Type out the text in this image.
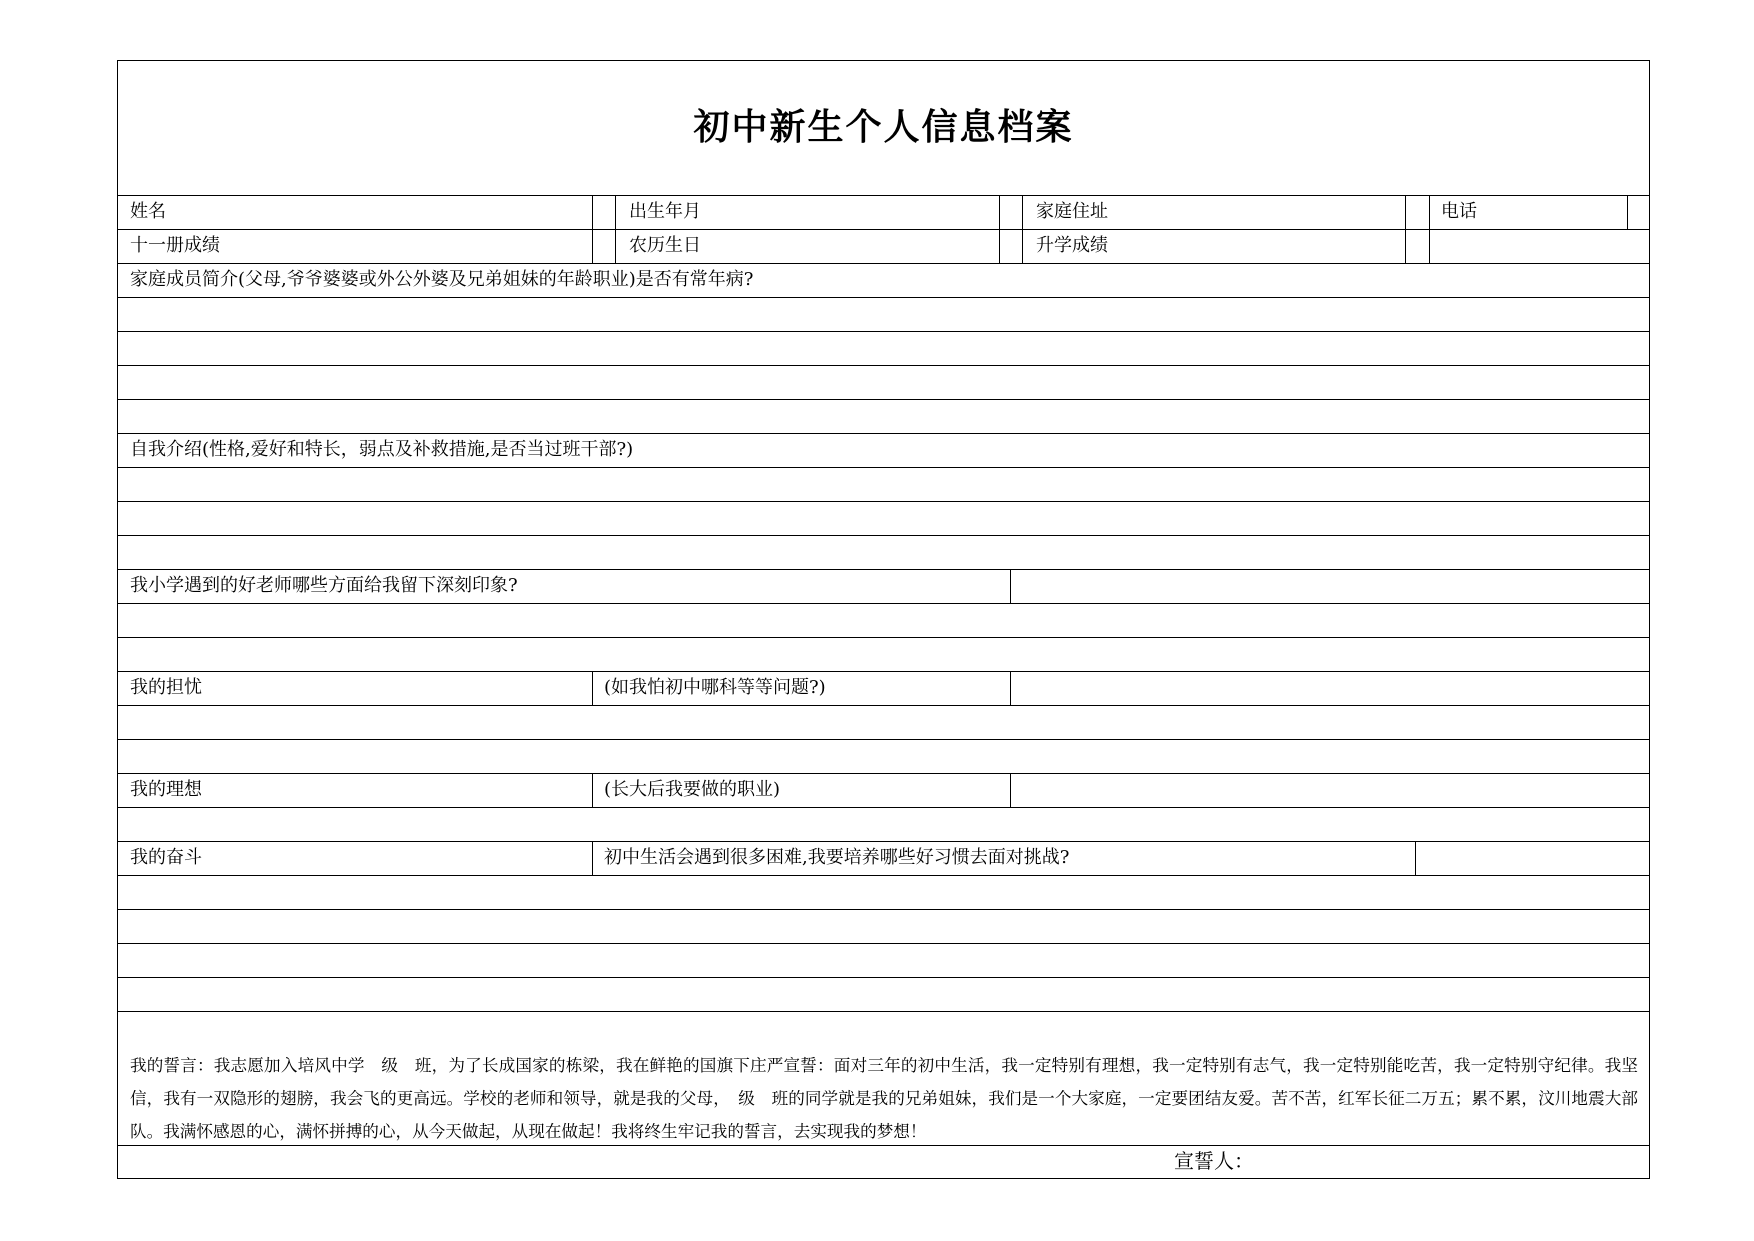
初中新生个人信息档案
姓名	出生年月	家庭住址	电话
十一册成绩	农历生日	升学成绩
家庭成员简介(父母,爷爷婆婆或外公外婆及兄弟姐妹的年龄职业)是否有常年病?
自我介绍(性格,爱好和特长，弱点及补救措施,是否当过班干部?)
我小学遇到的好老师哪些方面给我留下深刻印象?
我的担忧	(如我怕初中哪科等等问题?)
我的理想	(长大后我要做的职业)
我的奋斗	初中生活会遇到很多困难,我要培养哪些好习惯去面对挑战?
我的誓言：我志愿加入培风中学　级　班，为了长成国家的栋梁，我在鲜艳的国旗下庄严宣誓：面对三年的初中生活，我一定特别有理想，我一定特别有志气，我一定特别能吃苦，我一定特别守纪律。我坚信，我有一双隐形的翅膀，我会飞的更高远。学校的老师和领导，就是我的父母，　级　班的同学就是我的兄弟姐妹，我们是一个大家庭，一定要团结友爱。苦不苦，红军长征二万五；累不累，汶川地震大部队。我满怀感恩的心，满怀拼搏的心，从今天做起，从现在做起！我将终生牢记我的誓言，去实现我的梦想！
宣誓人：
